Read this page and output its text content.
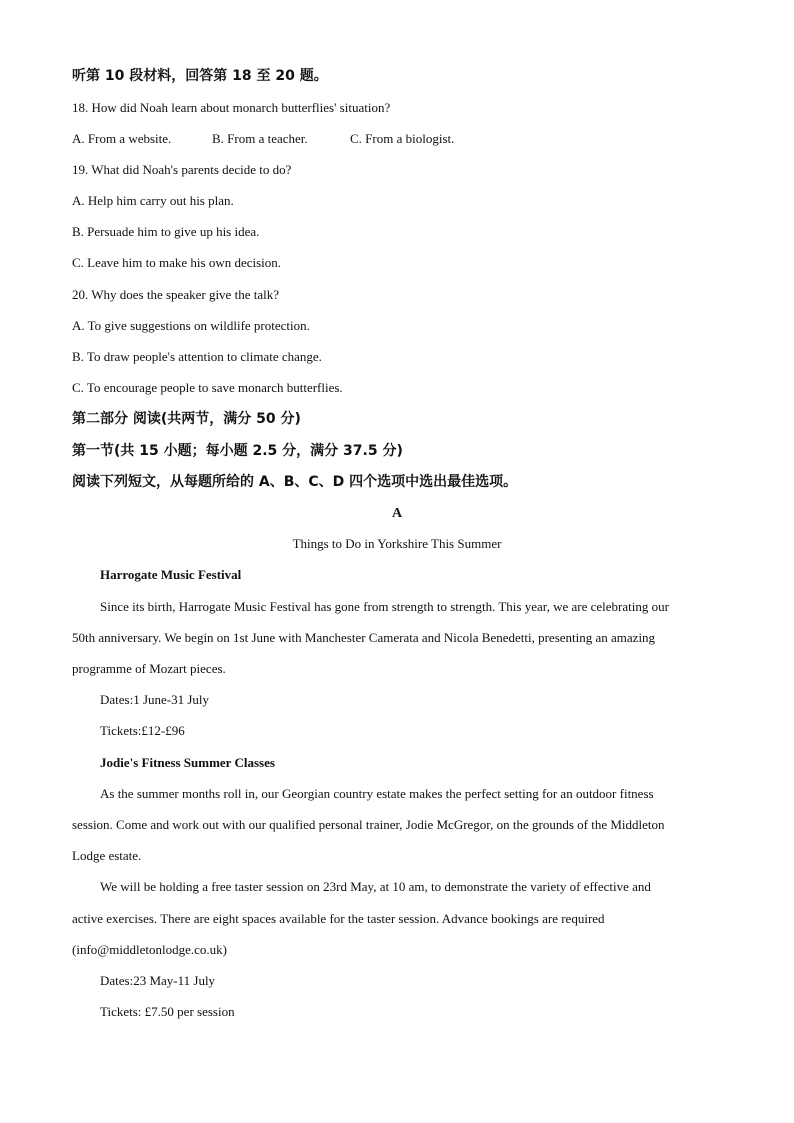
听第 10 段材料，回答第 18 至 20 题。
18. How did Noah learn about monarch butterflies' situation?
A. From a website.	B. From a teacher.	C. From a biologist.
19. What did Noah's parents decide to do?
A. Help him carry out his plan.
B. Persuade him to give up his idea.
C. Leave him to make his own decision.
20. Why does the speaker give the talk?
A. To give suggestions on wildlife protection.
B. To draw people's attention to climate change.
C. To encourage people to save monarch butterflies.
第二部分 阅读(共两节，满分 50 分)
第一节(共 15 小题；每小题 2.5 分，满分 37.5 分)
阅读下列短文，从每题所给的 A、B、C、D 四个选项中选出最佳选项。
A
Things to Do in Yorkshire This Summer
Harrogate Music Festival
Since its birth, Harrogate Music Festival has gone from strength to strength. This year, we are celebrating our
50th anniversary. We begin on 1st June with Manchester Camerata and Nicola Benedetti, presenting an amazing
programme of Mozart pieces.
Dates:1 June-31 July
Tickets:£12-£96
Jodie's Fitness Summer Classes
As the summer months roll in, our Georgian country estate makes the perfect setting for an outdoor fitness
session. Come and work out with our qualified personal trainer, Jodie McGregor, on the grounds of the Middleton
Lodge estate.
We will be holding a free taster session on 23rd May, at 10 am, to demonstrate the variety of effective and
active exercises. There are eight spaces available for the taster session. Advance bookings are required
(info@middletonlodge.co.uk)
Dates:23 May-11 July
Tickets: £7.50 per session
